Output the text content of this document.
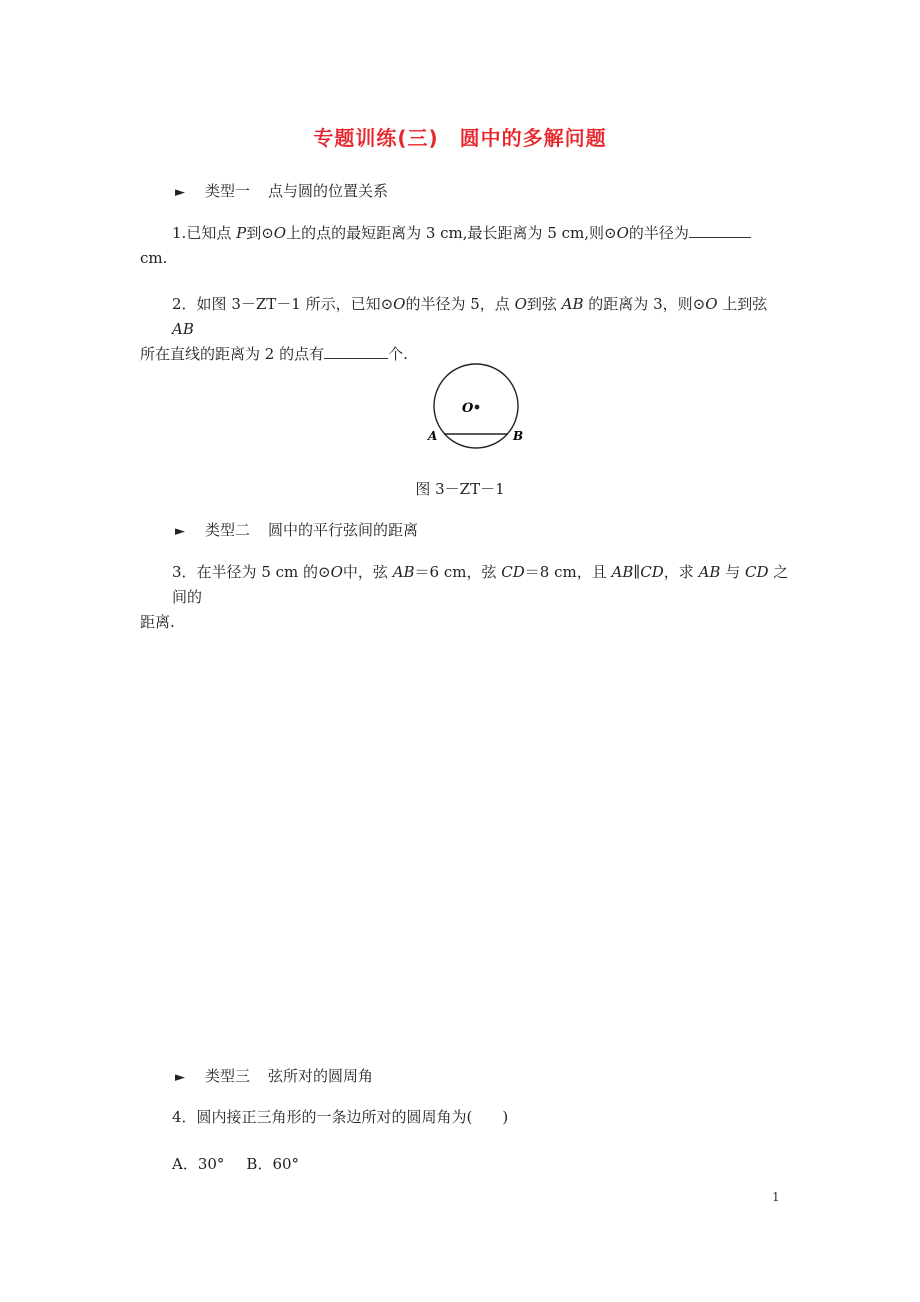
专题训练(三)　圆中的多解问题
► 类型一 点与圆的位置关系
1.已知点 P到⊙O上的点的最短距离为 3 cm,最长距离为 5 cm,则⊙O的半径为
cm.
2．如图 3－ZT－1 所示，已知⊙O的半径为 5，点 O到弦 AB 的距离为 3，则⊙O 上到弦 AB
所在直线的距离为 2 的点有	个.
O
A	B
图 3－ZT－1
► 类型二 圆中的平行弦间的距离
3．在半径为 5 cm 的⊙O中，弦 AB＝6 cm，弦 CD＝8 cm，且 AB∥CD，求 AB 与 CD 之间的
距离.
► 类型三 弦所对的圆周角
4．圆内接正三角形的一条边所对的圆周角为(　　)
A．30° B．60°
1
